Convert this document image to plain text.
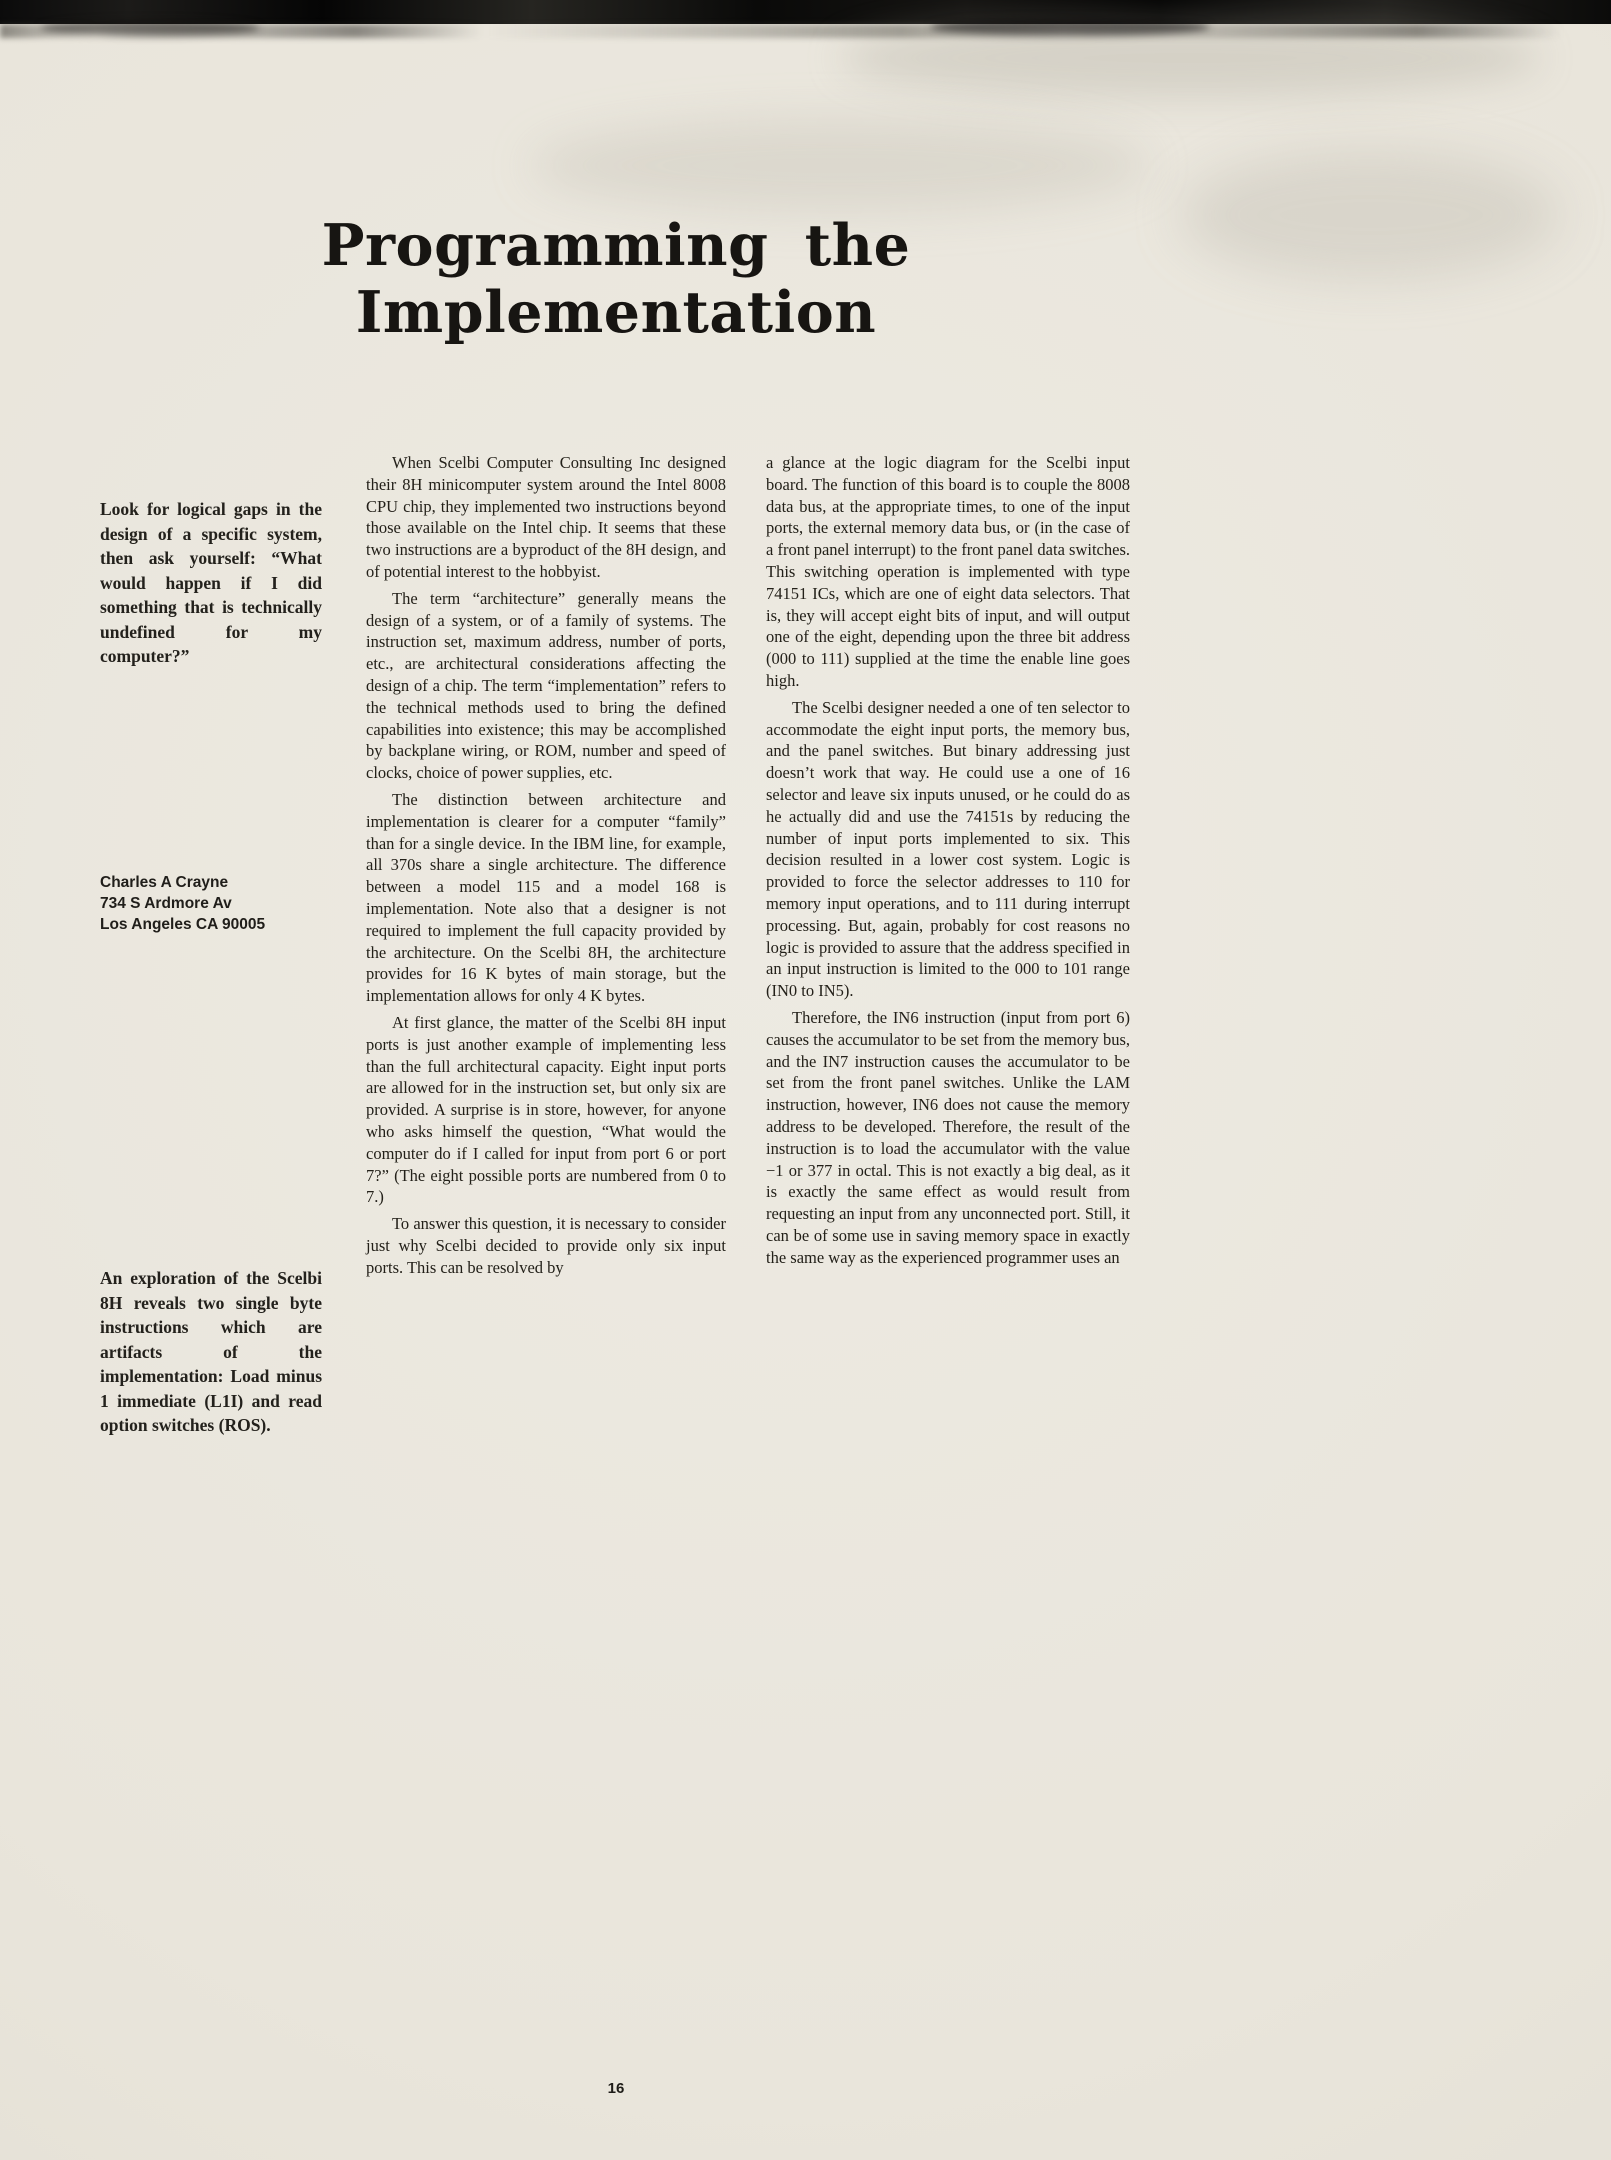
Programming the Implementation

Look for logical gaps in the design of a specific system, then ask yourself: “What would happen if I did something that is technically undefined for my computer?”

Charles A Crayne
734 S Ardmore Av
Los Angeles CA 90005

An exploration of the Scelbi 8H reveals two single byte instructions which are artifacts of the implementation: Load minus 1 immediate (L1I) and read option switches (ROS).

When Scelbi Computer Consulting Inc designed their 8H minicomputer system around the Intel 8008 CPU chip, they implemented two instructions beyond those available on the Intel chip. It seems that these two instructions are a byproduct of the 8H design, and of potential interest to the hobbyist.

The term “architecture” generally means the design of a system, or of a family of systems. The instruction set, maximum address, number of ports, etc., are architectural considerations affecting the design of a chip. The term “implementation” refers to the technical methods used to bring the defined capabilities into existence; this may be accomplished by backplane wiring, or ROM, number and speed of clocks, choice of power supplies, etc.

The distinction between architecture and implementation is clearer for a computer “family” than for a single device. In the IBM line, for example, all 370s share a single architecture. The difference between a model 115 and a model 168 is implementation. Note also that a designer is not required to implement the full capacity provided by the architecture. On the Scelbi 8H, the architecture provides for 16 K bytes of main storage, but the implementation allows for only 4 K bytes.

At first glance, the matter of the Scelbi 8H input ports is just another example of implementing less than the full architectural capacity. Eight input ports are allowed for in the instruction set, but only six are provided. A surprise is in store, however, for anyone who asks himself the question, “What would the computer do if I called for input from port 6 or port 7?” (The eight possible ports are numbered from 0 to 7.)

To answer this question, it is necessary to consider just why Scelbi decided to provide only six input ports. This can be resolved by

a glance at the logic diagram for the Scelbi input board. The function of this board is to couple the 8008 data bus, at the appropriate times, to one of the input ports, the external memory data bus, or (in the case of a front panel interrupt) to the front panel data switches. This switching operation is implemented with type 74151 ICs, which are one of eight data selectors. That is, they will accept eight bits of input, and will output one of the eight, depending upon the three bit address (000 to 111) supplied at the time the enable line goes high.

The Scelbi designer needed a one of ten selector to accommodate the eight input ports, the memory bus, and the panel switches. But binary addressing just doesn’t work that way. He could use a one of 16 selector and leave six inputs unused, or he could do as he actually did and use the 74151s by reducing the number of input ports implemented to six. This decision resulted in a lower cost system. Logic is provided to force the selector addresses to 110 for memory input operations, and to 111 during interrupt processing. But, again, probably for cost reasons no logic is provided to assure that the address specified in an input instruction is limited to the 000 to 101 range (IN0 to IN5).

Therefore, the IN6 instruction (input from port 6) causes the accumulator to be set from the memory bus, and the IN7 instruction causes the accumulator to be set from the front panel switches. Unlike the LAM instruction, however, IN6 does not cause the memory address to be developed. Therefore, the result of the instruction is to load the accumulator with the value −1 or 377 in octal. This is not exactly a big deal, as it is exactly the same effect as would result from requesting an input from any unconnected port. Still, it can be of some use in saving memory space in exactly the same way as the experienced programmer uses an

16
